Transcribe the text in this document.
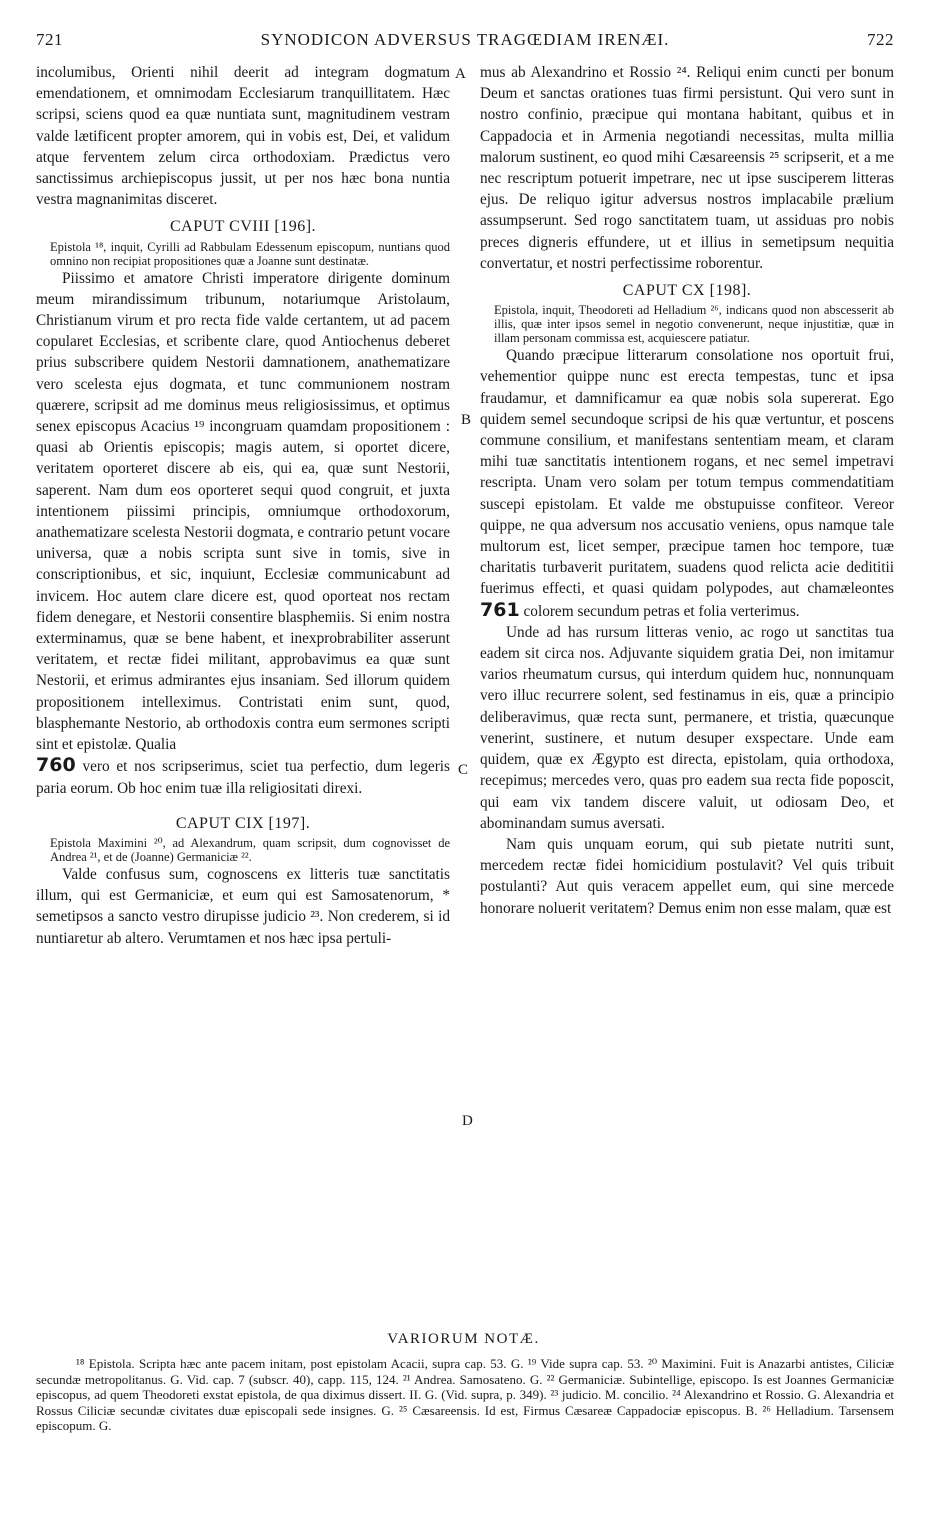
721	SYNODICON ADVERSUS TRAGŒDIAM IRENÆI.	722
A
B
C
D

incolumibus, Orienti nihil deerit ad integram dogmatum emendationem, et omnimodam Ecclesiarum tranquillitatem. Hæc scripsi, sciens quod ea quæ nuntiata sunt, magnitudinem vestram valde lætificent propter amorem, qui in vobis est, Dei, et validum atque ferventem zelum circa orthodoxiam. Prædictus vero sanctissimus archiepiscopus jussit, ut per nos hæc bona nuntia vestra magnanimitas disceret.

CAPUT CVIII [196].

Epistola ¹⁸, inquit, Cyrilli ad Rabbulam Edessenum episcopum, nuntians quod omnino non recipiat propositiones quæ a Joanne sunt destinatæ.

Piissimo et amatore Christi imperatore dirigente dominum meum mirandissimum tribunum, notariumque Aristolaum, Christianum virum et pro recta fide valde certantem, ut ad pacem copularet Ecclesias, et scribente clare, quod Antiochenus deberet prius subscribere quidem Nestorii damnationem, anathematizare vero scelesta ejus dogmata, et tunc communionem nostram quærere, scripsit ad me dominus meus religiosissimus, et optimus senex episcopus Acacius ¹⁹ incongruam quamdam propositionem : quasi ab Orientis episcopis; magis autem, si oportet dicere, veritatem oporteret discere ab eis, qui ea, quæ sunt Nestorii, saperent. Nam dum eos oporteret sequi quod congruit, et juxta intentionem piissimi principis, omniumque orthodoxorum, anathematizare scelesta Nestorii dogmata, e contrario petunt vocare universa, quæ a nobis scripta sunt sive in tomis, sive in conscriptionibus, et sic, inquiunt, Ecclesiæ communicabunt ad invicem. Hoc autem clare dicere est, quod oporteat nos rectam fidem denegare, et Nestorii consentire blasphemiis. Si enim nostra exterminamus, quæ se bene habent, et inexprobrabiliter asserunt veritatem, et rectæ fidei militant, approbavimus ea quæ sunt Nestorii, et erimus admirantes ejus insaniam. Sed illorum quidem propositionem intelleximus. Contristati enim sunt, quod, blasphemante Nestorio, ab orthodoxis contra eum sermones scripti sint et epistolæ. Qualia
760 vero et nos scripserimus, sciet tua perfectio, dum legeris paria eorum. Ob hoc enim tuæ illa religiositati direxi.

CAPUT CIX [197].

Epistola Maximini ²⁰, ad Alexandrum, quam scripsit, dum cognovisset de Andrea ²¹, et de (Joanne) Germaniciæ ²².

Valde confusus sum, cognoscens ex litteris tuæ sanctitatis illum, qui est Germaniciæ, et eum qui est Samosatenorum, * semetipsos a sancto vestro dirupisse judicio ²³. Non crederem, si id nuntiaretur ab altero. Verumtamen et nos hæc ipsa pertuli-

mus ab Alexandrino et Rossio ²⁴. Reliqui enim cuncti per bonum Deum et sanctas orationes tuas firmi persistunt. Qui vero sunt in nostro confinio, præcipue qui montana habitant, quibus et in Cappadocia et in Armenia negotiandi necessitas, multa millia malorum sustinent, eo quod mihi Cæsareensis ²⁵ scripserit, et a me nec rescriptum potuerit impetrare, nec ut ipse susciperem litteras ejus. De reliquo igitur adversus nostros implacabile prælium assumpserunt. Sed rogo sanctitatem tuam, ut assiduas pro nobis preces digneris effundere, ut et illius in semetipsum nequitia convertatur, et nostri perfectissime roborentur.

CAPUT CX [198].

Epistola, inquit, Theodoreti ad Helladium ²⁶, indicans quod non abscesserit ab illis, quæ inter ipsos semel in negotio convenerunt, neque injustitiæ, quæ in illam personam commissa est, acquiescere patiatur.

Quando præcipue litterarum consolatione nos oportuit frui, vehementior quippe nunc est erecta tempestas, tunc et ipsa fraudamur, et damnificamur ea quæ nobis sola supererat. Ego quidem semel secundoque scripsi de his quæ vertuntur, et poscens commune consilium, et manifestans sententiam meam, et claram mihi tuæ sanctitatis intentionem rogans, et nec semel impetravi rescripta. Unam vero solam per totum tempus commendatitiam suscepi epistolam. Et valde me obstupuisse confiteor. Vereor quippe, ne qua adversum nos accusatio veniens, opus namque tale multorum est, licet semper, præcipue tamen hoc tempore, tuæ charitatis turbaverit puritatem, suadens quod relicta acie dedititii fuerimus effecti, et quasi quidam polypodes, aut chamæleontes 761 colorem secundum petras et folia verterimus.

Unde ad has rursum litteras venio, ac rogo ut sanctitas tua eadem sit circa nos. Adjuvante siquidem gratia Dei, non imitamur varios rheumatum cursus, qui interdum quidem huc, nonnunquam vero illuc recurrere solent, sed festinamus in eis, quæ a principio deliberavimus, quæ recta sunt, permanere, et tristia, quæcunque venerint, sustinere, et nutum desuper exspectare. Unde eam quidem, quæ ex Ægypto est directa, epistolam, quia orthodoxa, recepimus; mercedes vero, quas pro eadem sua recta fide poposcit, qui eam vix tandem discere valuit, ut odiosam Deo, et abominandam sumus aversati.

Nam quis unquam eorum, qui sub pietate nutriti sunt, mercedem rectæ fidei homicidium postulavit? Vel quis tribuit postulanti? Aut quis veracem appellet eum, qui sine mercede honorare noluerit veritatem? Demus enim non esse malam, quæ est

VARIORUM NOTÆ.

¹⁸ Epistola. Scripta hæc ante pacem initam, post epistolam Acacii, supra cap. 53. G. ¹⁹ Vide supra cap. 53. ²⁰ Maximini. Fuit is Anazarbi antistes, Ciliciæ secundæ metropolitanus. G. Vid. cap. 7 (subscr. 40), capp. 115, 124. ²¹ Andrea. Samosateno. G. ²² Germaniciæ. Subintellige, episcopo. Is est Joannes Germaniciæ episcopus, ad quem Theodoreti exstat epistola, de qua diximus dissert. II. G. (Vid. supra, p. 349). ²³ judicio. M. concilio. ²⁴ Alexandrino et Rossio. G. Alexandria et Rossus Ciliciæ secundæ civitates duæ episcopali sede insignes. G. ²⁵ Cæsareensis. Id est, Firmus Cæsareæ Cappadociæ episcopus. B. ²⁶ Helladium. Tarsensem episcopum. G.
